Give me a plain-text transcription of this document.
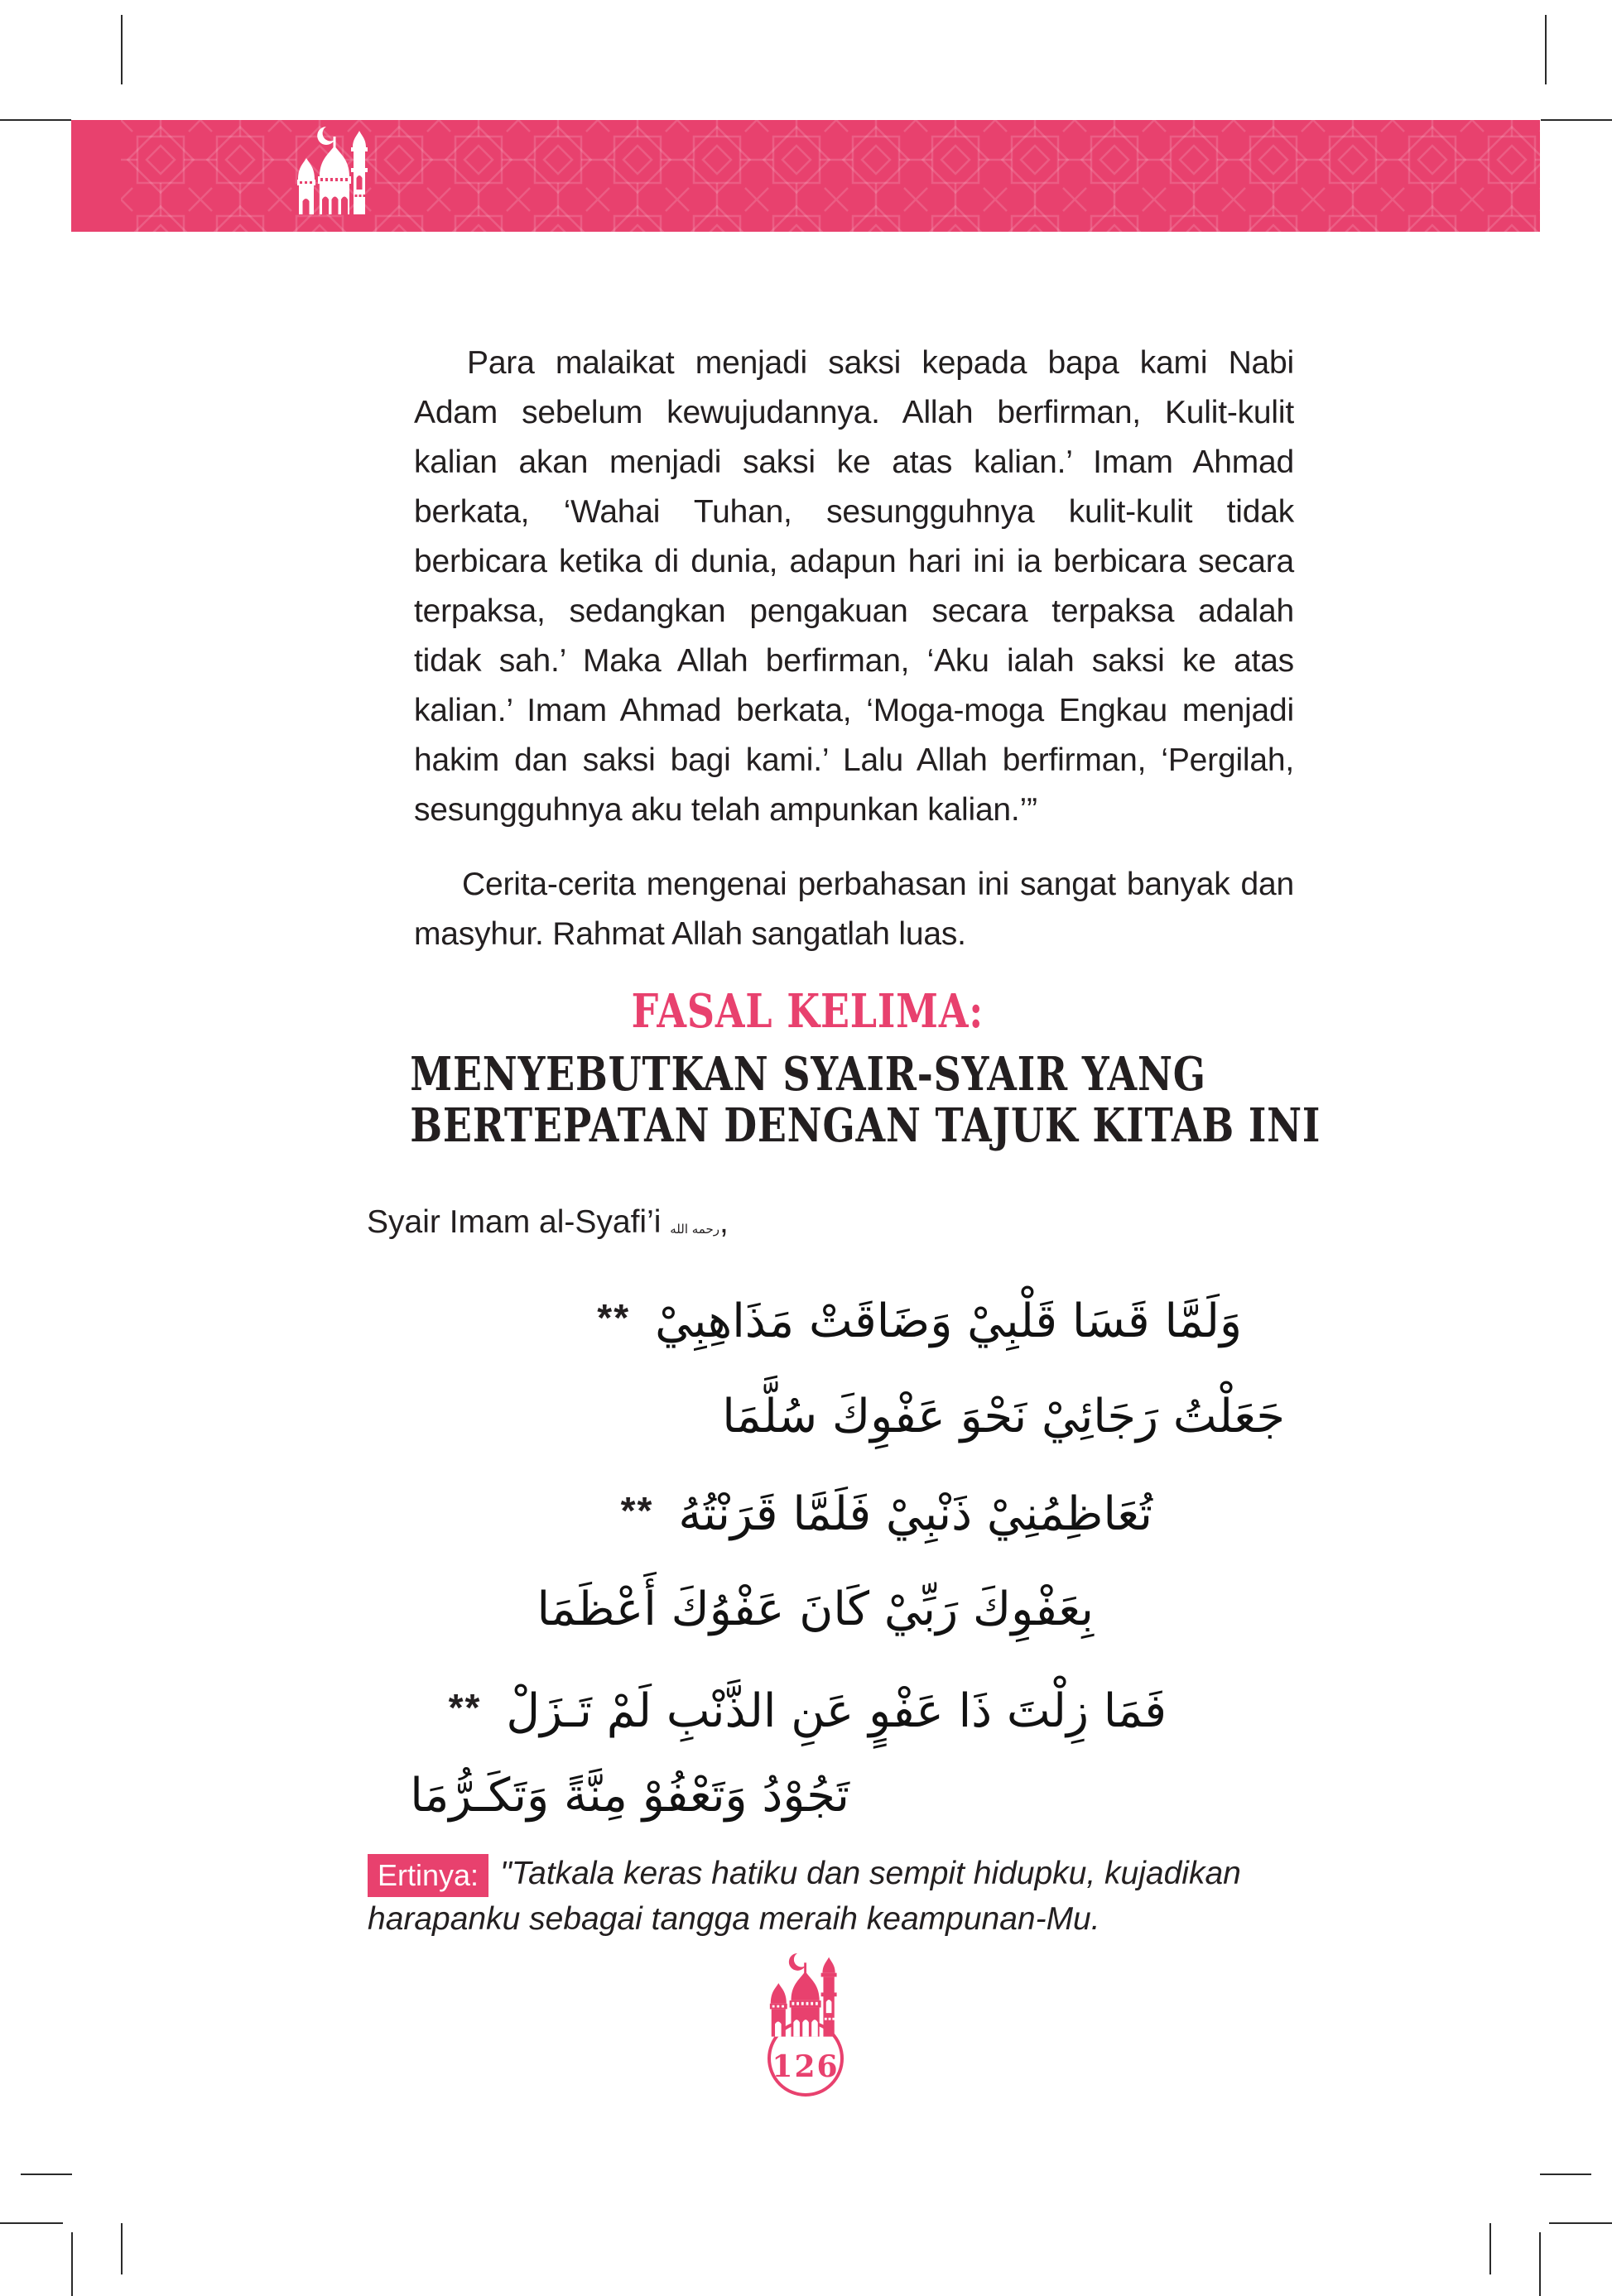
AMALAN PENGHAPUS DOSA

Para malaikat menjadi saksi kepada bapa kami Nabi Adam sebelum kewujudannya. Allah berfirman, Kulit-kulit kalian akan menjadi saksi ke atas kalian.’ Imam Ahmad berkata, ‘Wahai Tuhan, sesungguhnya kulit-kulit tidak berbicara ketika di dunia, adapun hari ini ia berbicara secara terpaksa, sedangkan pengakuan secara terpaksa adalah tidak sah.’ Maka Allah berfirman, ‘Aku ialah saksi ke atas kalian.’ Imam Ahmad berkata, ‘Moga-moga Engkau menjadi hakim dan saksi bagi kami.’ Lalu Allah berfirman, ‘Pergilah, sesungguhnya aku telah ampunkan kalian.’”

Cerita-cerita mengenai perbahasan ini sangat banyak dan masyhur. Rahmat Allah sangatlah luas.

FASAL KELIMA:
MENYEBUTKAN SYAIR-SYAIR YANG
BERTEPATAN DENGAN TAJUK KITAB INI
Syair Imam al-Syafi’i رحمه الله,
** وَلَمَّا قَسَا قَلْبِيْ وَضَاقَتْ مَذَاهِبِيْ
جَعَلْتُ رَجَائِيْ نَحْوَ عَفْوِكَ سُلَّمَا
** تُعَاظِمُنِيْ ذَنْبِيْ فَلَمَّا قَرَنْتُهُ
بِعَفْوِكَ رَبِّيْ كَانَ عَفْوُكَ أَعْظَمَا
** فَمَا زِلْتَ ذَا عَفْوٍ عَنِ الذَّنْبِ لَمْ تَـزَلْ
تَجُوْدُ وَتَعْفُوْ مِنَّةً وَتَكَـرُّمَا
Ertinya: "Tatkala keras hatiku dan sempit hidupku, kujadikan harapanku sebagai tangga meraih keampunan-Mu.
126
